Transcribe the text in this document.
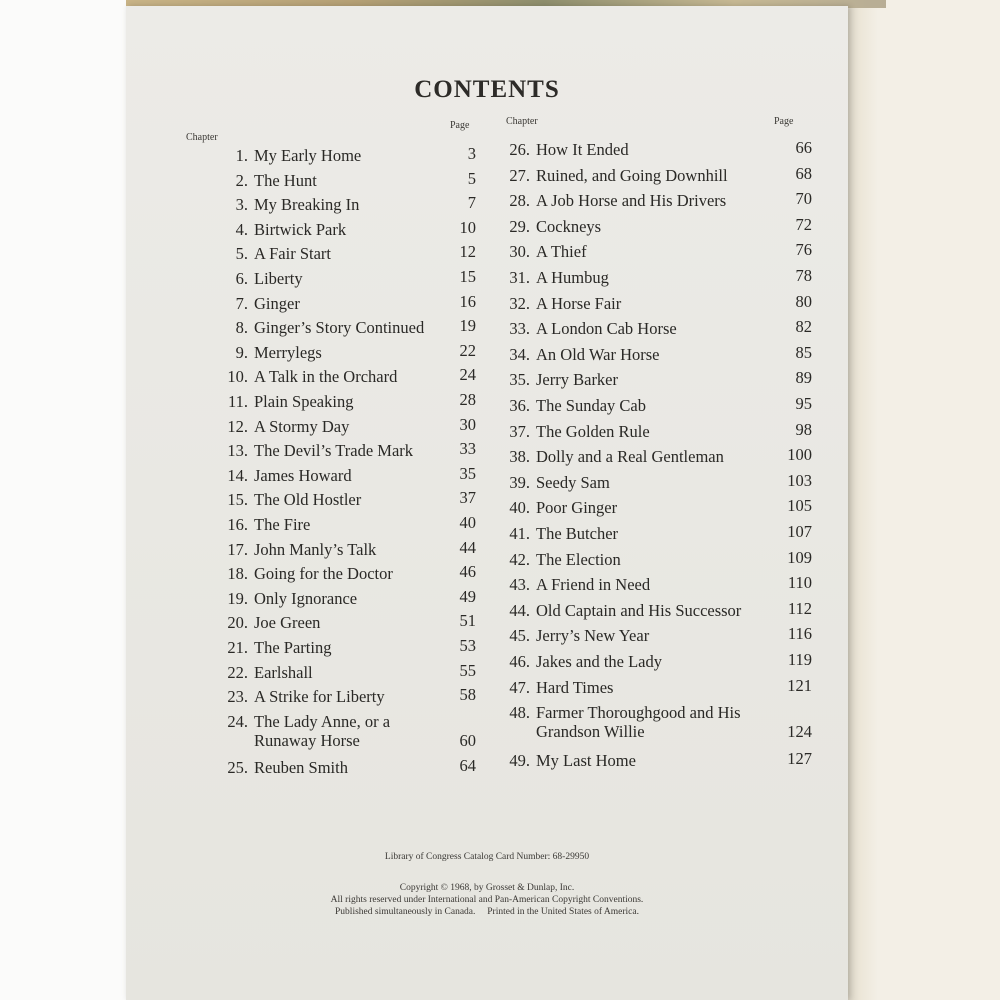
CONTENTS
Chapter
Page	Chapter	Page
1. My Early Home	3
2. The Hunt	5
3. My Breaking In	7
4. Birtwick Park	10
5. A Fair Start	12
6. Liberty	15
7. Ginger	16
8. Ginger’s Story Continued	19
9. Merrylegs	22
10. A Talk in the Orchard	24
11. Plain Speaking	28
12. A Stormy Day	30
13. The Devil’s Trade Mark	33
14. James Howard	35
15. The Old Hostler	37
16. The Fire	40
17. John Manly’s Talk	44
18. Going for the Doctor	46
19. Only Ignorance	49
20. Joe Green	51
21. The Parting	53
22. Earlshall	55
23. A Strike for Liberty	58
24. The Lady Anne, or a
Runaway Horse	60
25. Reuben Smith	64
26. How It Ended	66
27. Ruined, and Going Downhill	68
28. A Job Horse and His Drivers	70
29. Cockneys	72
30. A Thief	76
31. A Humbug	78
32. A Horse Fair	80
33. A London Cab Horse	82
34. An Old War Horse	85
35. Jerry Barker	89
36. The Sunday Cab	95
37. The Golden Rule	98
38. Dolly and a Real Gentleman	100
39. Seedy Sam	103
40. Poor Ginger	105
41. The Butcher	107
42. The Election	109
43. A Friend in Need	110
44. Old Captain and His Successor	112
45. Jerry’s New Year	116
46. Jakes and the Lady	119
47. Hard Times	121
48. Farmer Thoroughgood and His
Grandson Willie	124
49. My Last Home	127
Library of Congress Catalog Card Number: 68-29950
Copyright © 1968, by Grosset & Dunlap, Inc.
All rights reserved under International and Pan-American Copyright Conventions.
Published simultaneously in Canada.     Printed in the United States of America.
